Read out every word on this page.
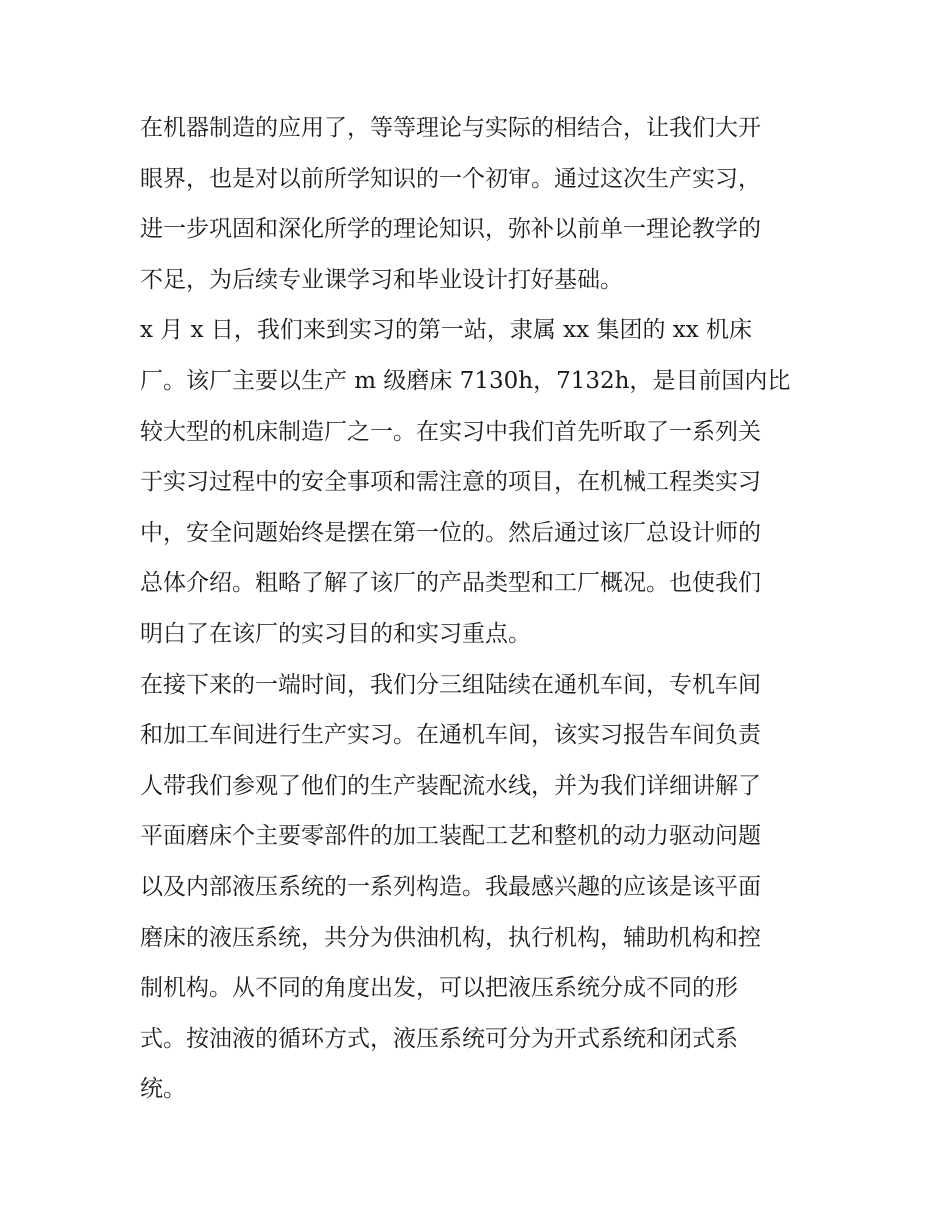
在机器制造的应用了，等等理论与实际的相结合，让我们大开
眼界，也是对以前所学知识的一个初审。通过这次生产实习，
进一步巩固和深化所学的理论知识，弥补以前单一理论教学的
不足，为后续专业课学习和毕业设计打好基础。
x 月 x 日，我们来到实习的第一站，隶属 xx 集团的 xx 机床
厂。该厂主要以生产 m 级磨床 7130h，7132h，是目前国内比
较大型的机床制造厂之一。在实习中我们首先听取了一系列关
于实习过程中的安全事项和需注意的项目，在机械工程类实习
中，安全问题始终是摆在第一位的。然后通过该厂总设计师的
总体介绍。粗略了解了该厂的产品类型和工厂概况。也使我们
明白了在该厂的实习目的和实习重点。
在接下来的一端时间，我们分三组陆续在通机车间，专机车间
和加工车间进行生产实习。在通机车间，该实习报告车间负责
人带我们参观了他们的生产装配流水线，并为我们详细讲解了
平面磨床个主要零部件的加工装配工艺和整机的动力驱动问题
以及内部液压系统的一系列构造。我最感兴趣的应该是该平面
磨床的液压系统，共分为供油机构，执行机构，辅助机构和控
制机构。从不同的角度出发，可以把液压系统分成不同的形
式。按油液的循环方式，液压系统可分为开式系统和闭式系
统。
